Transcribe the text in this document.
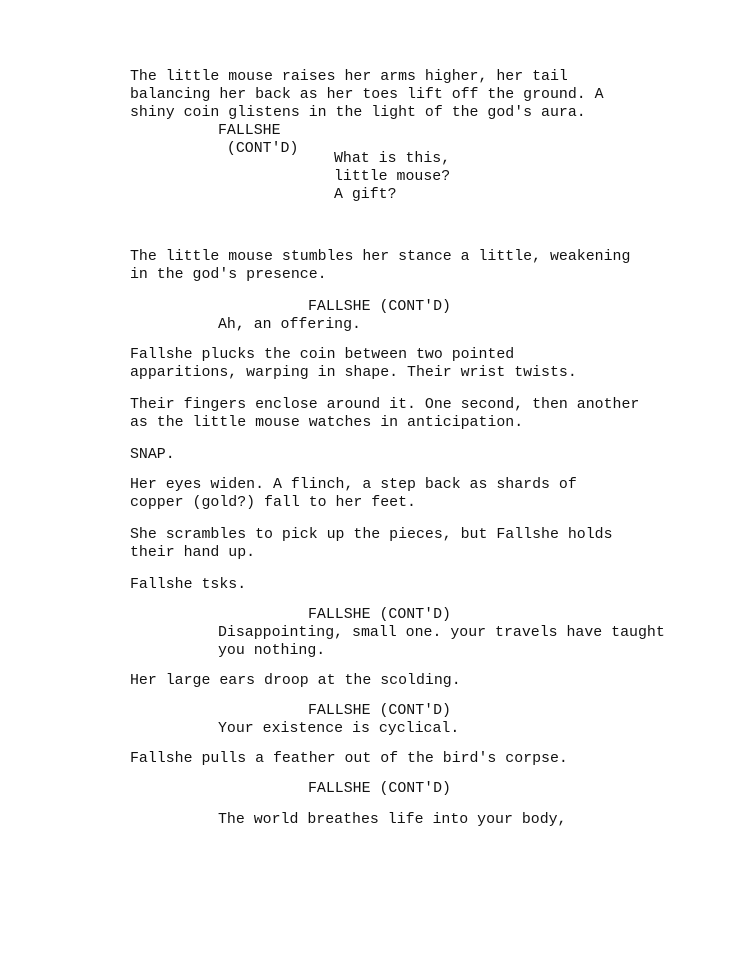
The little mouse raises her arms higher, her tail
balancing her back as her toes lift off the ground. A
shiny coin glistens in the light of the god's aura.
FALLSHE
(CONT'D)
What is this,
little mouse?
A gift?
The little mouse stumbles her stance a little, weakening
in the god's presence.
FALLSHE (CONT'D)
Ah, an offering.
Fallshe plucks the coin between two pointed
apparitions, warping in shape. Their wrist twists.
Their fingers enclose around it. One second, then another
as the little mouse watches in anticipation.
SNAP.
Her eyes widen. A flinch, a step back as shards of
copper (gold?) fall to her feet.
She scrambles to pick up the pieces, but Fallshe holds
their hand up.
Fallshe tsks.
FALLSHE (CONT'D)
Disappointing, small one. your travels have taught
you nothing.
Her large ears droop at the scolding.
FALLSHE (CONT'D)
Your existence is cyclical.
Fallshe pulls a feather out of the bird's corpse.
FALLSHE (CONT'D)
The world breathes life into your body,
